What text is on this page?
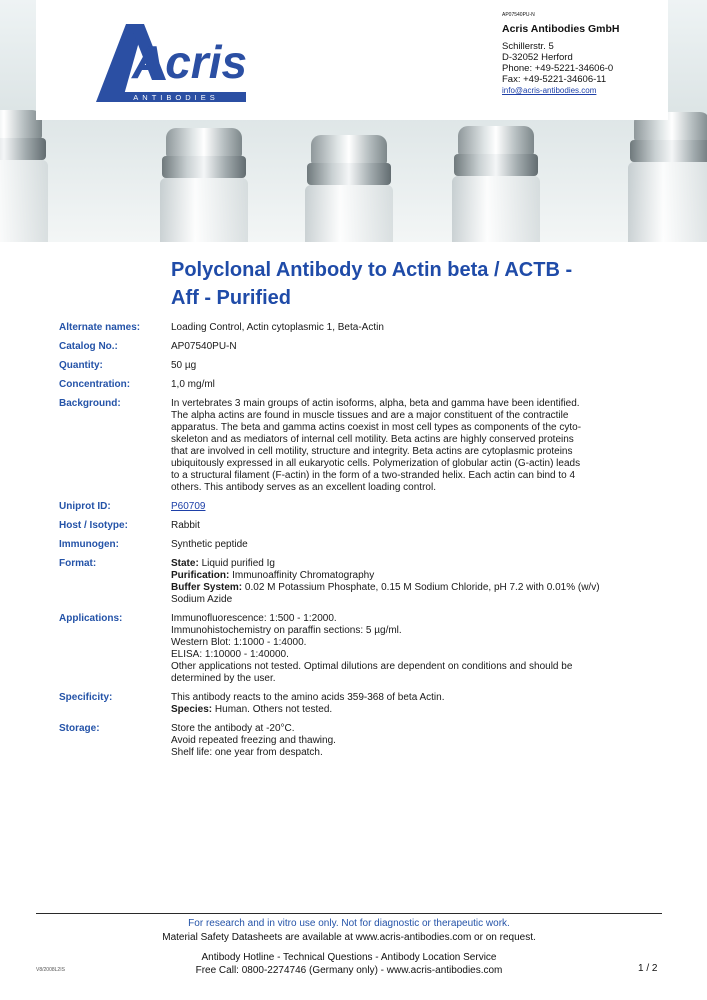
Acris
ANTIBODIES
AP07540PU-N
Acris Antibodies GmbH
Schillerstr. 5
D-32052 Herford
Phone: +49-5221-34606-0
Fax: +49-5221-34606-11
info@acris-antibodies.com
Polyclonal Antibody to Actin beta / ACTB -
Aff - Purified
Alternate names:	Loading Control, Actin cytoplasmic 1, Beta-Actin
Catalog No.:	AP07540PU-N
Quantity:	50 µg
Concentration:	1,0 mg/ml
Background:	In vertebrates 3 main groups of actin isoforms, alpha, beta and gamma have been identified.
The alpha actins are found in muscle tissues and are a major constituent of the contractile
apparatus. The beta and gamma actins coexist in most cell types as components of the cyto-
skeleton and as mediators of internal cell motility. Beta actins are highly conserved proteins
that are involved in cell motility, structure and integrity. Beta actins are cytoplasmic proteins
ubiquitously expressed in all eukaryotic cells. Polymerization of globular actin (G-actin) leads
to a structural filament (F-actin) in the form of a two-stranded helix. Each actin can bind to 4
others. This antibody serves as an excellent loading control.
Uniprot ID:	P60709
Host / Isotype:	Rabbit
Immunogen:	Synthetic peptide
Format:	State: Liquid purified Ig
Purification: Immunoaffinity Chromatography
Buffer System: 0.02 M Potassium Phosphate, 0.15 M Sodium Chloride, pH 7.2 with 0.01% (w/v)
Sodium Azide
Applications:	Immunofluorescence: 1:500 - 1:2000.
Immunohistochemistry on paraffin sections: 5 µg/ml.
Western Blot: 1:1000 - 1:4000.
ELISA: 1:10000 - 1:40000.
Other applications not tested. Optimal dilutions are dependent on conditions and should be
determined by the user.
Specificity:	This antibody reacts to the amino acids 359-368 of beta Actin.
Species: Human. Others not tested.
Storage:	Store the antibody at -20°C.
Avoid repeated freezing and thawing.
Shelf life: one year from despatch.
For research and in vitro use only. Not for diagnostic or therapeutic work.
Material Safety Datasheets are available at www.acris-antibodies.com or on request.
Antibody Hotline - Technical Questions - Antibody Location Service
Free Call: 0800-2274746 (Germany only) - www.acris-antibodies.com
V8/2008L2IS	1 / 2
